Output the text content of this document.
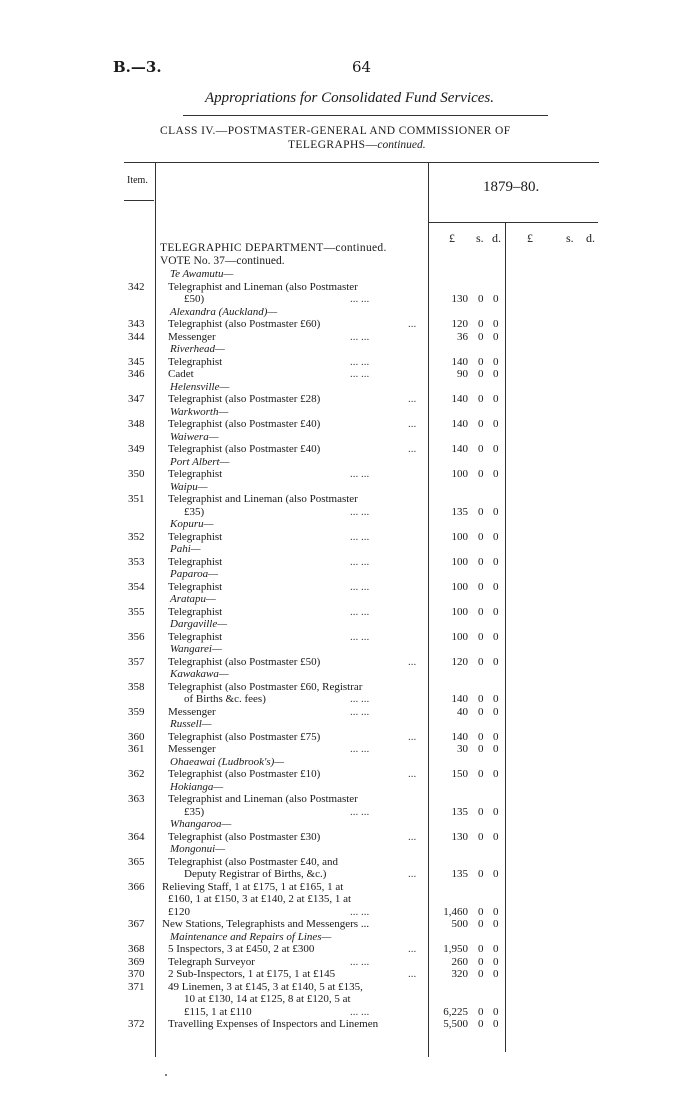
B.—3.	64
Appropriations for Consolidated Fund Services.
CLASS IV.—POSTMASTER-GENERAL AND COMMISSIONER OF
TELEGRAPHS—continued.
Item.	1879–80.
£ s. d. £	s. d.
TELEGRAPHIC DEPARTMENT—continued.
VOTE No. 37—continued.
Te Awamutu—
342	Telegraphist and Lineman (also Postmaster
£50)	... ...	130 0 0
Alexandra (Auckland)—
343	Telegraphist (also Postmaster £60)	...	120 0 0
344	Messenger	... ...	36 0 0
Riverhead—
345	Telegraphist	... ...	140 0 0
346	Cadet	... ...	90 0 0
Helensville—
347	Telegraphist (also Postmaster £28)	...	140 0 0
Warkworth—
348	Telegraphist (also Postmaster £40)	...	140 0 0
Waiwera—
349	Telegraphist (also Postmaster £40)	...	140 0 0
Port Albert—
350	Telegraphist	... ...	100 0 0
Waipu—
351	Telegraphist and Lineman (also Postmaster
£35)	... ...	135 0 0
Kopuru—
352	Telegraphist	... ...	100 0 0
Pahi—
353	Telegraphist	... ...	100 0 0
Paparoa—
354	Telegraphist	... ...	100 0 0
Aratapu—
355	Telegraphist	... ...	100 0 0
Dargaville—
356	Telegraphist	... ...	100 0 0
Wangarei—
357	Telegraphist (also Postmaster £50)	...	120 0 0
Kawakawa—
358	Telegraphist (also Postmaster £60, Registrar
of Births &c. fees)	... ...	140 0 0
359	Messenger	... ...	40 0 0
Russell—
360	Telegraphist (also Postmaster £75)	...	140 0 0
361	Messenger	... ...	30 0 0
Ohaeawai (Ludbrook's)—
362	Telegraphist (also Postmaster £10)	...	150 0 0
Hokianga—
363	Telegraphist and Lineman (also Postmaster
£35)	... ...	135 0 0
Whangaroa—
364	Telegraphist (also Postmaster £30)	...	130 0 0
Mongonui—
365	Telegraphist (also Postmaster £40, and
Deputy Registrar of Births, &c.)	...	135 0 0
366	Relieving Staff, 1 at £175, 1 at £165, 1 at
£160, 1 at £150, 3 at £140, 2 at £135, 1 at
£120	... ...	1,460 0 0
367	New Stations, Telegraphists and Messengers ...	500 0 0
Maintenance and Repairs of Lines—
368	5 Inspectors, 3 at £450, 2 at £300	... 1,950 0 0
369	Telegraph Surveyor	... ...	260 0 0
370	2 Sub-Inspectors, 1 at £175, 1 at £145	...	320 0 0
371	49 Linemen, 3 at £145, 3 at £140, 5 at £135,
10 at £130, 14 at £125, 8 at £120, 5 at
£115, 1 at £110	... ...	6,225 0 0
372	Travelling Expenses of Inspectors and Linemen	5,500 0 0
